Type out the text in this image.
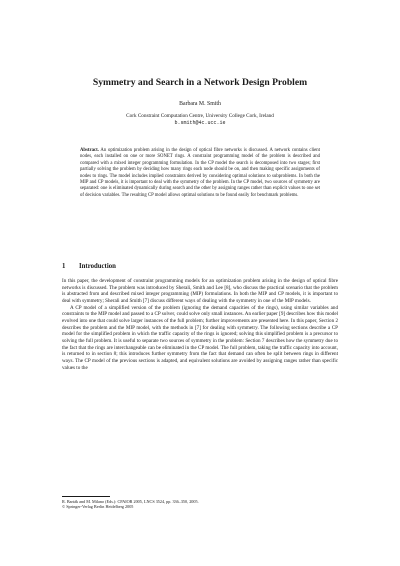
Symmetry and Search in a Network Design Problem
Barbara M. Smith
Cork Constraint Computation Centre, University College Cork, Ireland
b.smith@4c.ucc.ie
Abstract. An optimization problem arising in the design of optical fibre networks is discussed. A network contains client nodes, each installed on one or more SONET rings. A constraint programming model of the problem is described and compared with a mixed integer programming formulation. In the CP model the search is decomposed into two stages; first partially solving the problem by deciding how many rings each node should be on, and then making specific assignments of nodes to rings. The model includes implied constraints derived by considering optimal solutions to subproblems. In both the MIP and CP models, it is important to deal with the symmetry of the problem. In the CP model, two sources of symmetry are separated: one is eliminated dynamically during search and the other by assigning ranges rather than explicit values to one set of decision variables. The resulting CP model allows optimal solutions to be found easily for benchmark problems.
1 Introduction

In this paper, the development of constraint programming models for an optimization problem arising in the design of optical fibre networks is discussed. The problem was introduced by Sherali, Smith and Lee [8], who discuss the practical scenario that the problem is abstracted from and described mixed integer programming (MIP) formulations. In both the MIP and CP models, it is important to deal with symmetry; Sherali and Smith [7] discuss different ways of dealing with the symmetry in one of the MIP models.

A CP model of a simplified version of the problem (ignoring the demand capacities of the rings), using similar variables and constraints to the MIP model and passed to a CP solver, could solve only small instances. An earlier paper [9] describes how this model evolved into one that could solve larger instances of the full problem; further improvements are presented here. In this paper, Section 2 describes the problem and the MIP model, with the methods in [7] for dealing with symmetry. The following sections describe a CP model for the simplified problem in which the traffic capacity of the rings is ignored; solving this simplified problem is a precursor to solving the full problem. It is useful to separate two sources of symmetry in the problem: Section 7 describes how the symmetry due to the fact that the rings are interchangeable can be eliminated in the CP model. The full problem, taking the traffic capacity into account, is returned to in section 8; this introduces further symmetry from the fact that demand can often be split between rings in different ways. The CP model of the previous sections is adapted, and equivalent solutions are avoided by assigning ranges rather than specific values to the

R. Barták and M. Milano (Eds.): CPAIOR 2005, LNCS 3524, pp. 336–350, 2005.
© Springer-Verlag Berlin Heidelberg 2005
